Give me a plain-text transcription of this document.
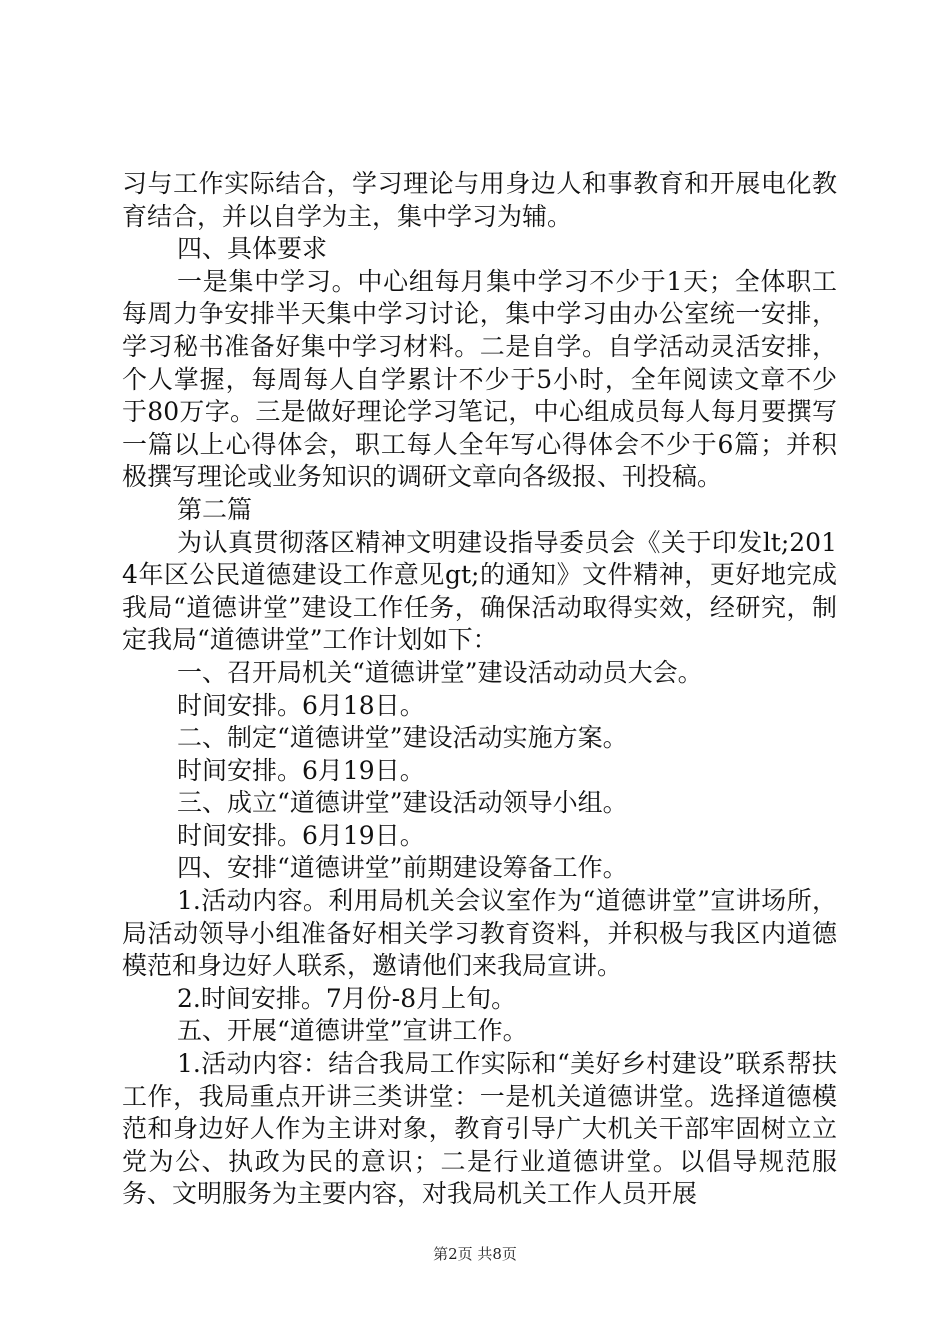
习与工作实际结合，学习理论与用身边人和事教育和开展电化教育结合，并以自学为主，集中学习为辅。

四、具体要求

一是集中学习。中心组每月集中学习不少于1天；全体职工每周力争安排半天集中学习讨论，集中学习由办公室统一安排，学习秘书准备好集中学习材料。二是自学。自学活动灵活安排，个人掌握，每周每人自学累计不少于5小时，全年阅读文章不少于80万字。三是做好理论学习笔记，中心组成员每人每月要撰写一篇以上心得体会，职工每人全年写心得体会不少于6篇；并积极撰写理论或业务知识的调研文章向各级报、刊投稿。

第二篇

为认真贯彻落区精神文明建设指导委员会《关于印发lt;2014年区公民道德建设工作意见gt;的通知》文件精神，更好地完成我局“道德讲堂”建设工作任务，确保活动取得实效，经研究，制定我局“道德讲堂”工作计划如下：

一、召开局机关“道德讲堂”建设活动动员大会。

时间安排。6月18日。

二、制定“道德讲堂”建设活动实施方案。

时间安排。6月19日。

三、成立“道德讲堂”建设活动领导小组。

时间安排。6月19日。

四、安排“道德讲堂”前期建设筹备工作。

1.活动内容。利用局机关会议室作为“道德讲堂”宣讲场所，局活动领导小组准备好相关学习教育资料，并积极与我区内道德模范和身边好人联系，邀请他们来我局宣讲。

2.时间安排。7月份-8月上旬。

五、开展“道德讲堂”宣讲工作。

1.活动内容：结合我局工作实际和“美好乡村建设”联系帮扶工作，我局重点开讲三类讲堂：一是机关道德讲堂。选择道德模范和身边好人作为主讲对象，教育引导广大机关干部牢固树立立党为公、执政为民的意识；二是行业道德讲堂。以倡导规范服务、文明服务为主要内容，对我局机关工作人员开展

第2页 共8页
